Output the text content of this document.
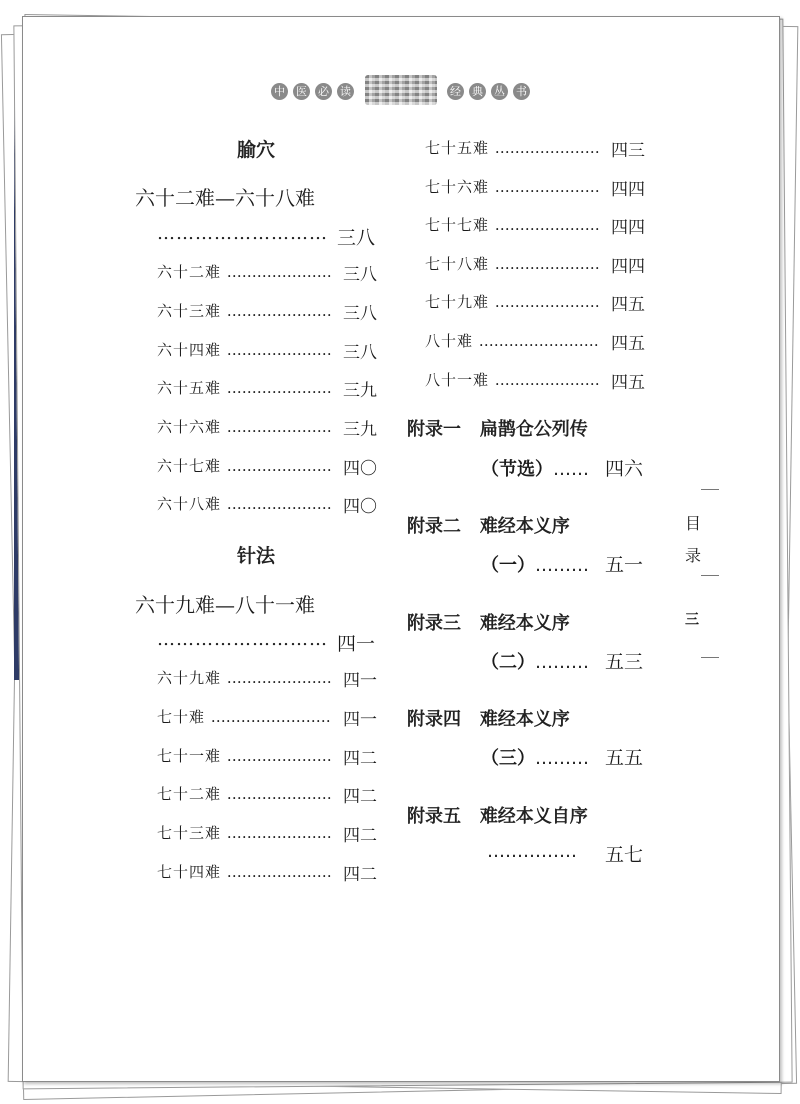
中 医 必 读	经 典 丛 书
腧穴
六十二难—六十八难
……………………… 三八
六十二难 ………………… 三八
六十三难 ………………… 三八
六十四难 ………………… 三八
六十五难 ………………… 三九
六十六难 ………………… 三九
六十七难 ………………… 四〇
六十八难 ………………… 四〇
针法
六十九难—八十一难
……………………… 四一
六十九难 ………………… 四一
七十难 …………………… 四一
七十一难 ………………… 四二
七十二难 ………………… 四二
七十三难 ………………… 四二
七十四难 ………………… 四二
七十五难 ………………… 四三
七十六难 ………………… 四四
七十七难 ………………… 四四
七十八难 ………………… 四四
七十九难 ………………… 四五
八十难 …………………… 四五
八十一难 ………………… 四五
附录一 扁鹊仓公列传
（节选）…… 四六
附录二 难经本义序
（一）……… 五一
附录三 难经本义序
（二）……… 五三
附录四 难经本义序
（三）……… 五五
附录五 难经本义自序
…………… 五七
目
录
三
